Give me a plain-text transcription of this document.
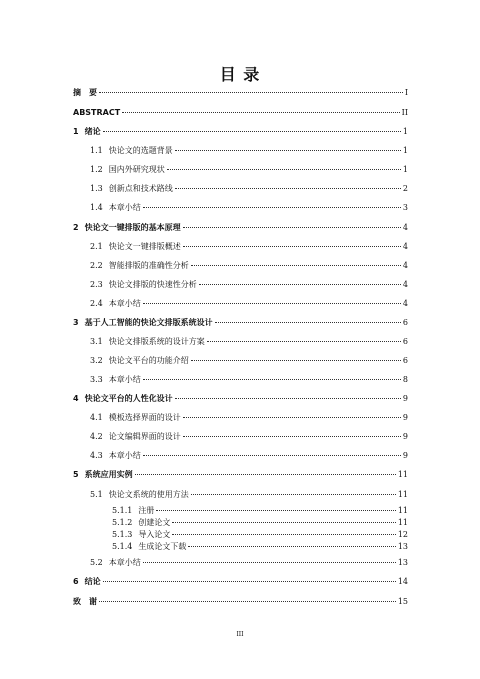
目 录
摘　要	I
ABSTRACT	II
1 绪论	1
1.1 快论文的选题背景	1
1.2 国内外研究现状	1
1.3 创新点和技术路线	2
1.4 本章小结	3
2 快论文一键排版的基本原理	4
2.1 快论文一键排版概述	4
2.2 智能排版的准确性分析	4
2.3 快论文排版的快速性分析	4
2.4 本章小结	4
3 基于人工智能的快论文排版系统设计	6
3.1 快论文排版系统的设计方案	6
3.2 快论文平台的功能介绍	6
3.3 本章小结	8
4 快论文平台的人性化设计	9
4.1 模板选择界面的设计	9
4.2 论文编辑界面的设计	9
4.3 本章小结	9
5 系统应用实例	11
5.1 快论文系统的使用方法	11
5.1.1 注册	11
5.1.2 创建论文	11
5.1.3 导入论文	12
5.1.4 生成论文下载	13
5.2 本章小结	13
6 结论	14
致　谢	15
III
